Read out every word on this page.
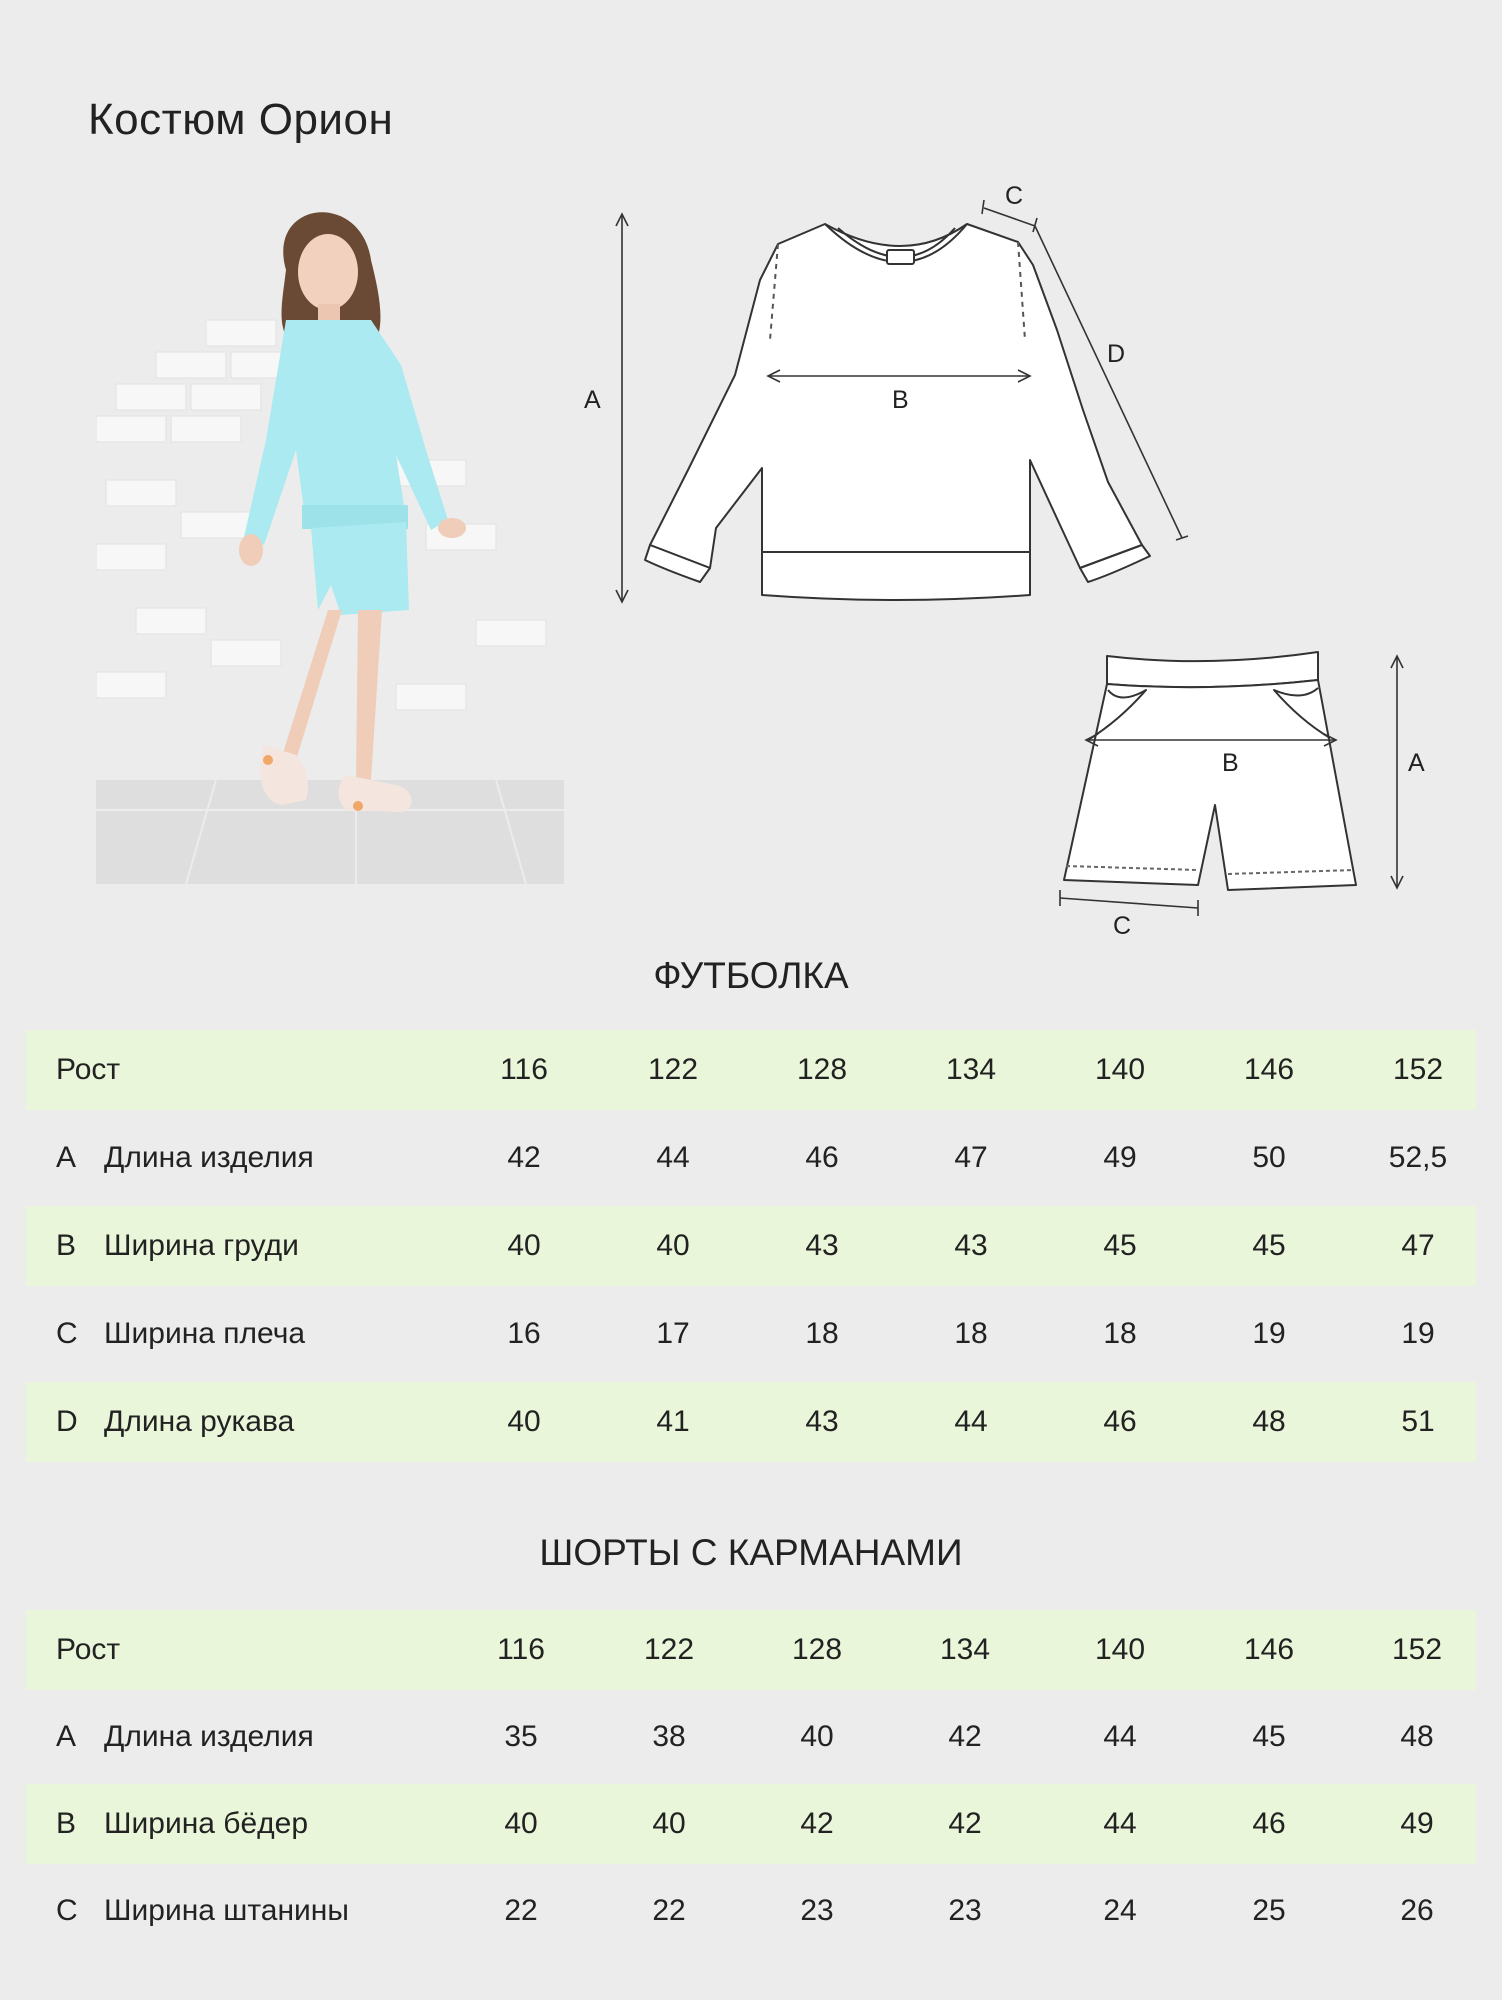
Костюм Орион
A	B
C
D
B	A
C
ФУТБОЛКА
Рост	116	122	128	134	140	146	152
A Длина изделия	42	44	46	47	49	50	52,5
B Ширина груди	40	40	43	43	45	45	47
C Ширина плеча	16	17	18	18	18	19	19
D Длина рукава	40	41	43	44	46	48	51
ШОРТЫ С КАРМАНАМИ
Рост	116	122	128	134	140	146	152
A Длина изделия	35	38	40	42	44	45	48
B Ширина бёдер	40	40	42	42	44	46	49
C Ширина штанины	22	22	23	23	24	25	26
